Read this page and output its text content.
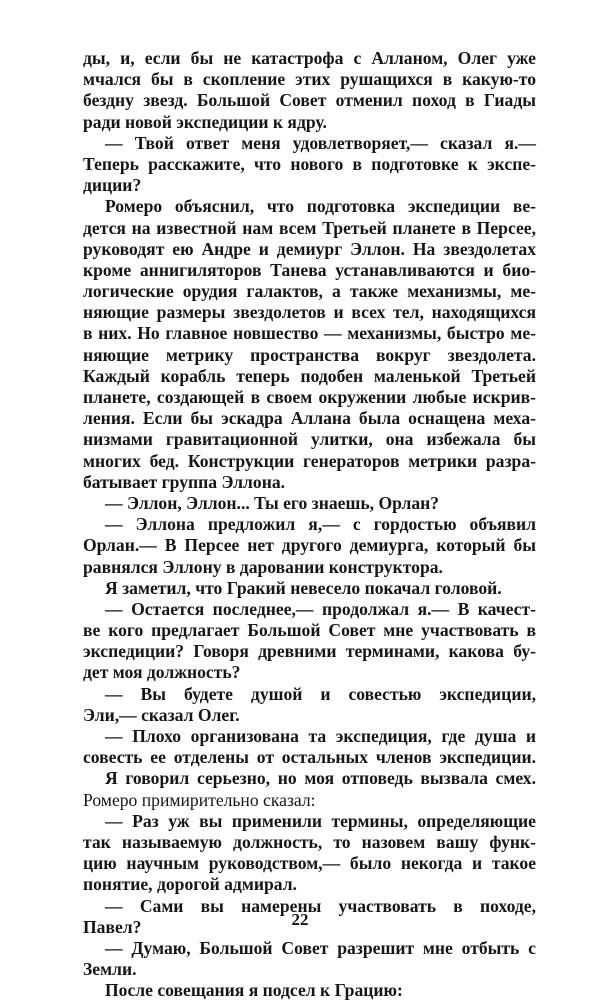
ды, и, если бы не катастрофа с Алланом, Олег уже
мчался бы в скопление этих рушащихся в какую-то
бездну звезд. Большой Совет отменил поход в Гиады
ради новой экспедиции к ядру.
— Твой ответ меня удовлетворяет,— сказал я.—
Теперь расскажите, что нового в подготовке к экспе-
диции?
Ромеро объяснил, что подготовка экспедиции ве-
дется на известной нам всем Третьей планете в Персее,
руководят ею Андре и демиург Эллон. На звездолетах
кроме аннигиляторов Танева устанавливаются и био-
логические орудия галактов, а также механизмы, ме-
няющие размеры звездолетов и всех тел, находящихся
в них. Но главное новшество — механизмы, быстро ме-
няющие метрику пространства вокруг звездолета.
Каждый корабль теперь подобен маленькой Третьей
планете, создающей в своем окружении любые искрив-
ления. Если бы эскадра Аллана была оснащена меха-
низмами гравитационной улитки, она избежала бы
многих бед. Конструкции генераторов метрики разра-
батывает группа Эллона.
— Эллон, Эллон... Ты его знаешь, Орлан?
— Эллона предложил я,— с гордостью объявил
Орлан.— В Персее нет другого демиурга, который бы
равнялся Эллону в даровании конструктора.
Я заметил, что Гракий невесело покачал головой.
— Остается последнее,— продолжал я.— В качест-
ве кого предлагает Большой Совет мне участвовать в
экспедиции? Говоря древними терминами, какова бу-
дет моя должность?
— Вы будете душой и совестью экспедиции,
Эли,— сказал Олег.
— Плохо организована та экспедиция, где душа и
совесть ее отделены от остальных членов экспедиции.
Я говорил серьезно, но моя отповедь вызвала смех.
Ромеро примирительно сказал:
— Раз уж вы применили термины, определяющие
так называемую должность, то назовем вашу функ-
цию научным руководством,— было некогда и такое
понятие, дорогой адмирал.
— Сами вы намерены участвовать в походе,
Павел?
— Думаю, Большой Совет разрешит мне отбыть с
Земли.
После совещания я подсел к Грацию:
22
